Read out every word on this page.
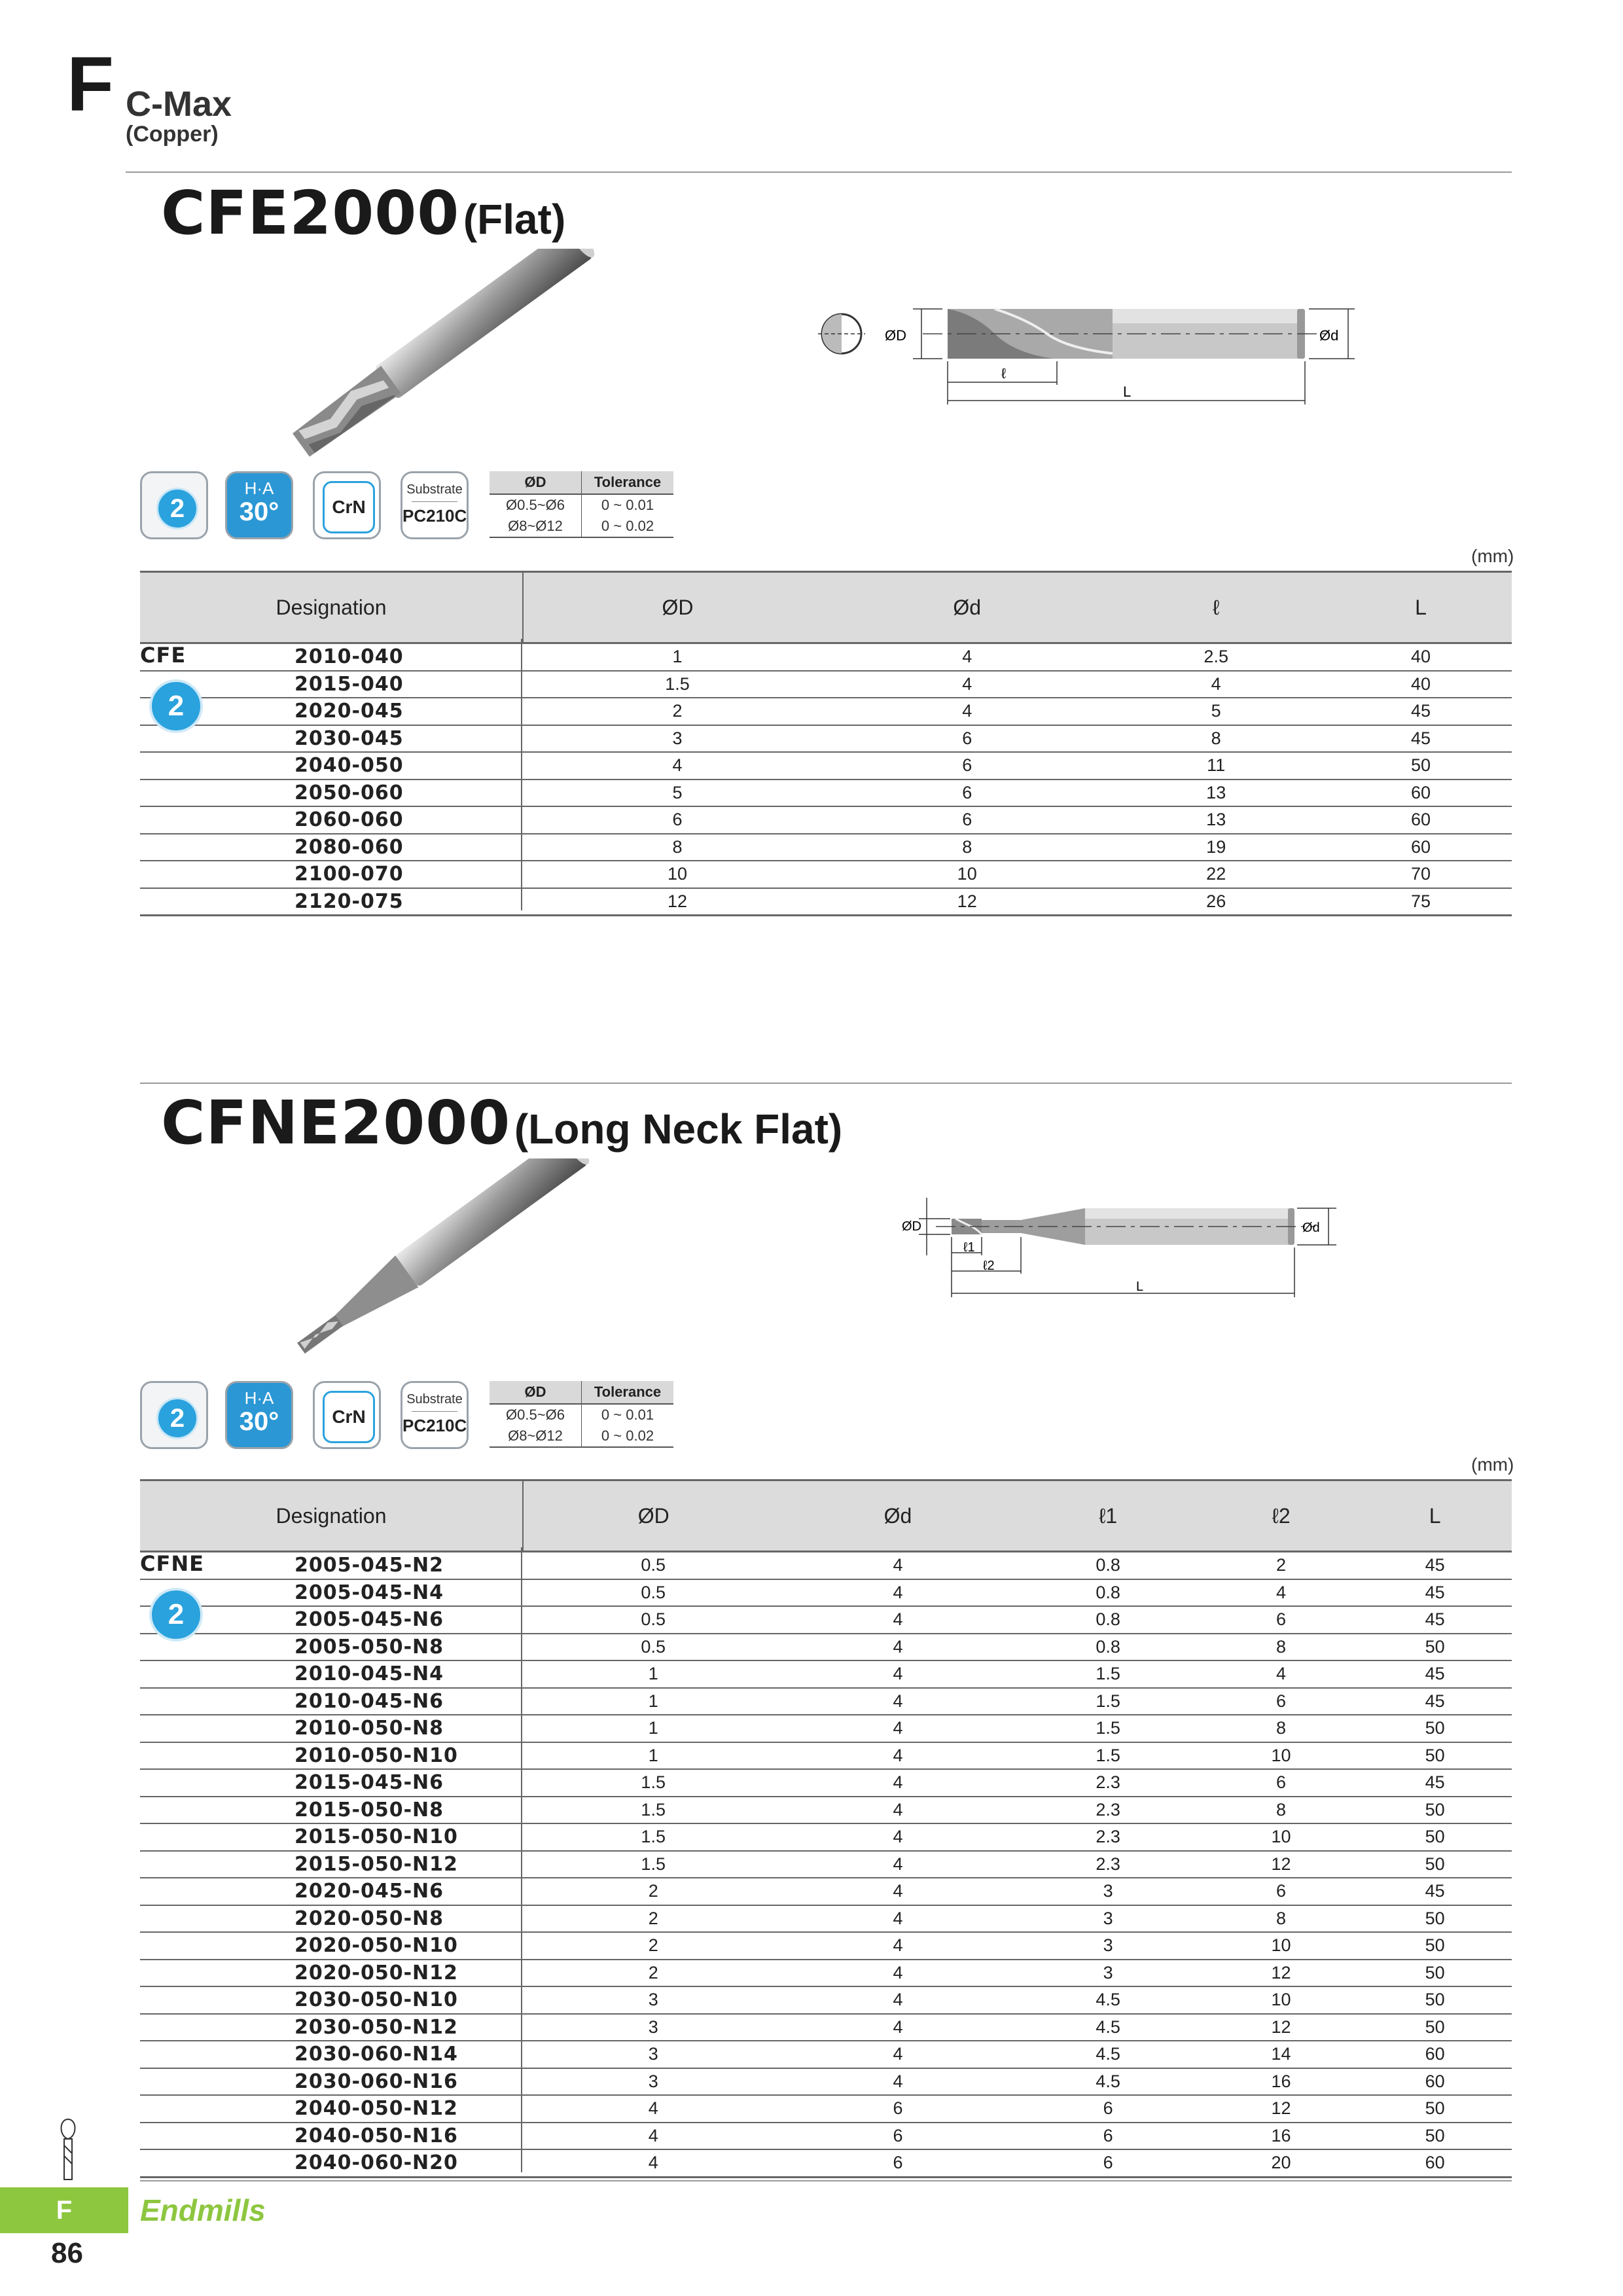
F C-Max
(Copper)
CFE2000 (Flat)
ØD	Ød
ℓ
L
2
H·A
30°	CrN
Substrate
PC210C
ØD	Tolerance
Ø0.5~Ø6	0 ~ 0.01
Ø8~Ø12	0 ~ 0.02
(mm)
Designation	ØD	Ød	ℓ	L
2010-040	1	4	2.5	40
2015-040	1.5	4	4	40
2020-045	2	4	5	45
2030-045	3	6	8	45
2040-050	4	6	11	50
2050-060	5	6	13	60
2060-060	6	6	13	60
2080-060	8	8	19	60
2100-070	10	10	22	70
2120-075	12	12	26	75
CFNE2000 (Long Neck Flat)
ØD	Ød
ℓ1
ℓ2
L
2
H·A
30°	CrN
Substrate
PC210C
ØD	Tolerance
Ø0.5~Ø6	0 ~ 0.01
Ø8~Ø12	0 ~ 0.02
(mm)
Designation	ØD	Ød	ℓ1	ℓ2	L
2005-045-N2	0.5	4	0.8	2	45
2005-045-N4	0.5	4	0.8	4	45
2005-045-N6	0.5	4	0.8	6	45
2005-050-N8	0.5	4	0.8	8	50
2010-045-N4	1	4	1.5	4	45
2010-045-N6	1	4	1.5	6	45
2010-050-N8	1	4	1.5	8	50
2010-050-N10	1	4	1.5	10	50
2015-045-N6	1.5	4	2.3	6	45
2015-050-N8	1.5	4	2.3	8	50
2015-050-N10	1.5	4	2.3	10	50
2015-050-N12	1.5	4	2.3	12	50
2020-045-N6	2	4	3	6	45
2020-050-N8	2	4	3	8	50
2020-050-N10	2	4	3	10	50
2020-050-N12	2	4	3	12	50
2030-050-N10	3	4	4.5	10	50
2030-050-N12	3	4	4.5	12	50
2030-060-N14	3	4	4.5	14	60
2030-060-N16	3	4	4.5	16	60
2040-050-N12	4	6	6	12	50
2040-050-N16	4	6	6	16	50
2040-060-N20	4	6	6	20	60
F	Endmills
86
CFE
2
CFNE
2
